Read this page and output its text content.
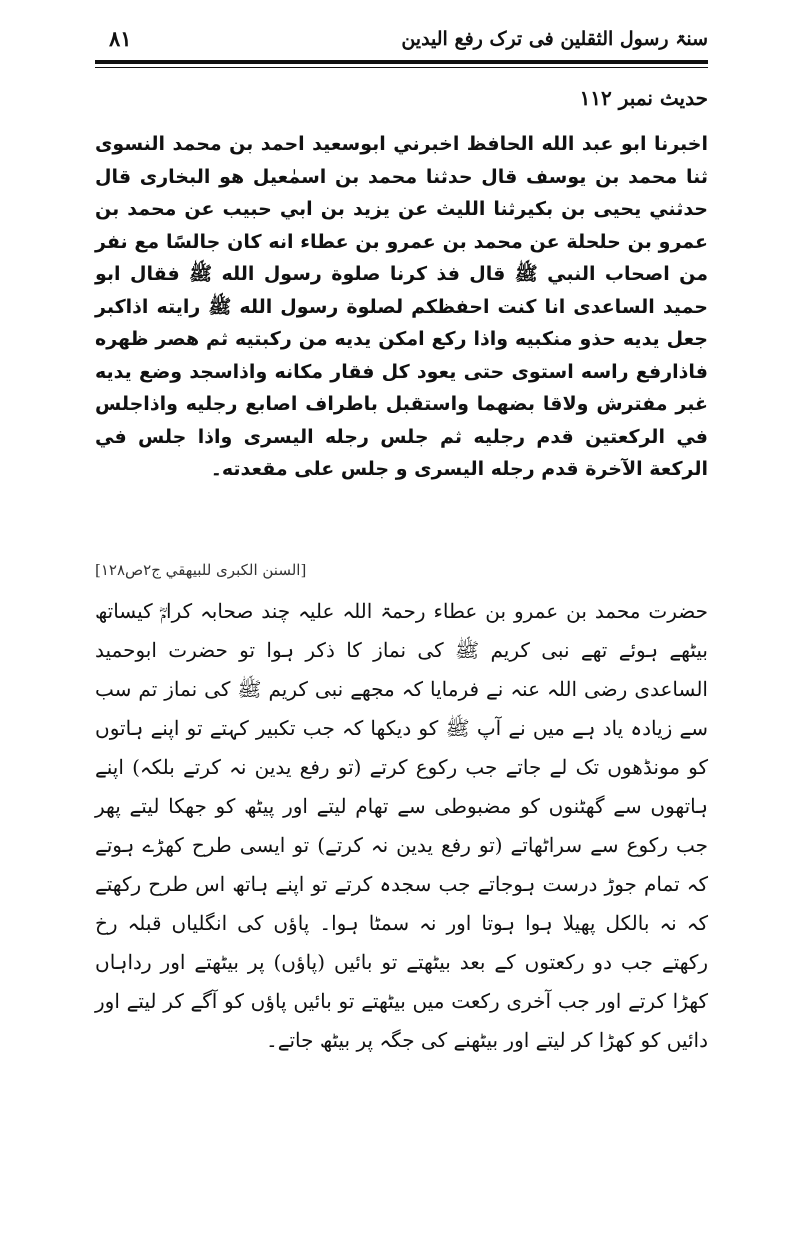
سنۃ رسول الثقلین فی ترک رفع الیدین
۸۱
حدیث نمبر ۱۱۲

اخبرنا ابو عبد الله الحافظ اخبرني ابوسعيد احمد بن محمد النسوى ثنا محمد بن يوسف قال حدثنا محمد بن اسمٰعيل هو البخارى قال حدثني يحيى بن بكيرثنا الليث عن يزيد بن ابي حبيب عن محمد بن عمرو بن حلحلة عن محمد بن عمرو بن عطاء انه كان جالسًا مع نفر من اصحاب النبي ﷺ قال فذ كرنا صلوة رسول الله ﷺ فقال ابو حميد الساعدى انا كنت احفظكم لصلوة رسول الله ﷺ رايته اذاكبر جعل يديه حذو منكبيه واذا ركع امكن يديه من ركبتيه ثم هصر ظهره فاذارفع راسه استوى حتى يعود كل فقار مكانه واذاسجد وضع يديه غبر مفترش ولاقا بضهما واستقبل باطراف اصابع رجليه واذاجلس في الركعتين قدم رجليه ثم جلس رجله اليسرى واذا جلس في الركعة الآخرة قدم رجله اليسرى و جلس على مقعدته۔

[السنن الکبری للبیهقي ج۲ص۱۲۸]

حضرت محمد بن عمرو بن عطاء رحمۃ اللہ علیہ چند صحابہ کرامؓ کیساتھ بیٹھے ہوئے تھے نبی کریم ﷺ کی نماز کا ذکر ہوا تو حضرت ابوحمید الساعدی رضی اللہ عنہ نے فرمایا کہ مجھے نبی کریم ﷺ کی نماز تم سب سے زیادہ یاد ہے میں نے آپ ﷺ کو دیکھا کہ جب تکبیر کہتے تو اپنے ہاتوں کو مونڈھوں تک لے جاتے جب رکوع کرتے (تو رفع یدین نہ کرتے بلکہ) اپنے ہاتھوں سے گھٹنوں کو مضبوطی سے تھام لیتے اور پیٹھ کو جھکا لیتے پھر جب رکوع سے سراٹھاتے (تو رفع یدین نہ کرتے) تو ایسی طرح کھڑے ہوتے کہ تمام جوڑ درست ہوجاتے جب سجدہ کرتے تو اپنے ہاتھ اس طرح رکھتے کہ نہ بالکل پھیلا ہوا ہوتا اور نہ سمٹا ہوا۔ پاؤں کی انگلیاں قبلہ رخ رکھتے جب دو رکعتوں کے بعد بیٹھتے تو بائیں (پاؤں) پر بیٹھتے اور رداہاں کھڑا کرتے اور جب آخری رکعت میں بیٹھتے تو بائیں پاؤں کو آگے کر لیتے اور دائیں کو کھڑا کر لیتے اور بیٹھنے کی جگہ پر بیٹھ جاتے۔
